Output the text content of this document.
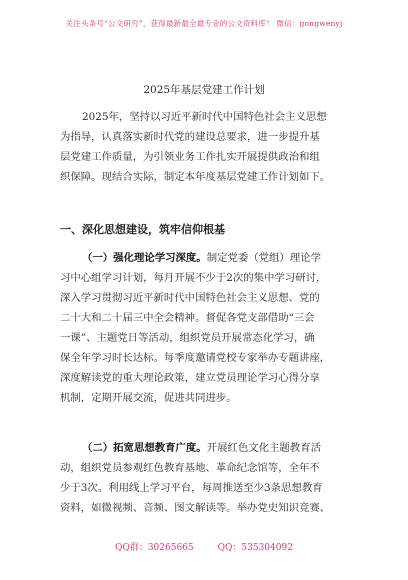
关注头条号“公文研究”，获得最新最全最专业的公文资料库！ 微信：gongwenyj
2025年基层党建工作计划

2025年，坚持以习近平新时代中国特色社会主义思想
为指导，认真落实新时代党的建设总要求，进一步提升基
层党建工作质量，为引领业务工作扎实开展提供政治和组
织保障。现结合实际，制定本年度基层党建工作计划如下。

一、深化思想建设，筑牢信仰根基

（一）强化理论学习深度。制定党委（党组）理论学
习中心组学习计划，每月开展不少于2次的集中学习研讨，
深入学习贯彻习近平新时代中国特色社会主义思想、党的
二十大和二十届三中全会精神。督促各党支部借助“三会
一课”、主题党日等活动，组织党员开展常态化学习，确
保全年学习时长达标。每季度邀请党校专家举办专题讲座，
深度解读党的重大理论政策，建立党员理论学习心得分享
机制，定期开展交流，促进共同进步。

（二）拓宽思想教育广度。开展红色文化主题教育活
动，组织党员参观红色教育基地、革命纪念馆等，全年不
少于3次。利用线上学习平台，每周推送至少3条思想教育
资料，如微视频、音频、图文解读等。举办党史知识竞赛、

QQ群：30265665	QQ：535304092
